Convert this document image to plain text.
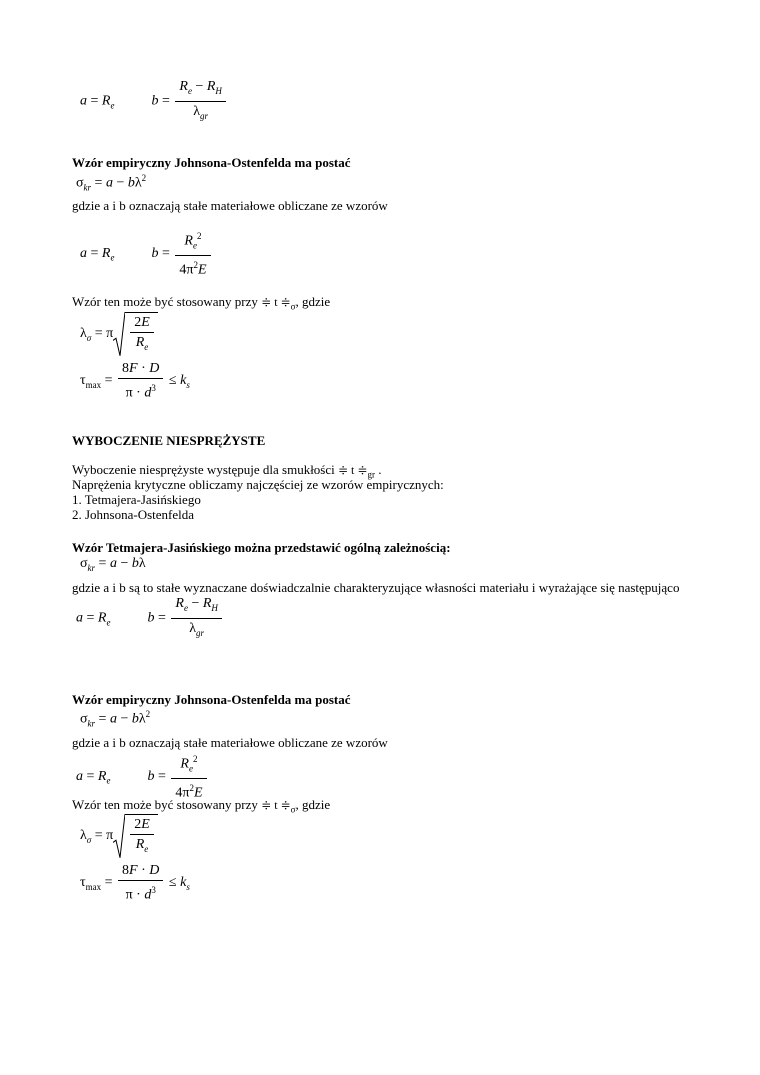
$a = R_e$	$b = \frac{R_e - R_H}{\lambda_{gr}}$
Wzór empiryczny Johnsona-Ostenfelda ma postać
$\sigma_{kr} = a - b\lambda^2$
gdzie a i b oznaczają stałe materiałowe obliczane ze wzorów
$a = R_e$	$b = \frac{R_e^2}{4\pi^2E}$
Wzór ten może być stosowany przy ≑ t $≑_\sigma$, gdzie
$\lambda_\sigma = \pi \frac{2E}{R_e}$
$\tau_{max} = \frac{8F \cdot D}{\pi \cdot d^3} \le k_s$
WYBOCZENIE NIESPRĘŻYSTE
Wyboczenie niesprężyste występuje dla smukłości ≑ t $≑_{gr}$ .
Naprężenia krytyczne obliczamy najczęściej ze wzorów empirycznych:
1. Tetmajera-Jasińskiego
2. Johnsona-Ostenfelda
Wzór Tetmajera-Jasińskiego można przedstawić ogólną zależnością:
$\sigma_{kr} = a - b\lambda$
gdzie a i b są to stałe wyznaczane doświadczalnie charakteryzujące własności materiału i wyrażające się następująco
$a = R_e$	$b = \frac{R_e - R_H}{\lambda_{gr}}$
Wzór empiryczny Johnsona-Ostenfelda ma postać
$\sigma_{kr} = a - b\lambda^2$
gdzie a i b oznaczają stałe materiałowe obliczane ze wzorów
$a = R_e$	$b = \frac{R_e^2}{4\pi^2E}$
Wzór ten może być stosowany przy ≑ t $≑_\sigma$, gdzie
$\lambda_\sigma = \pi \frac{2E}{R_e}$
$\tau_{max} = \frac{8F \cdot D}{\pi \cdot d^3} \le k_s$
